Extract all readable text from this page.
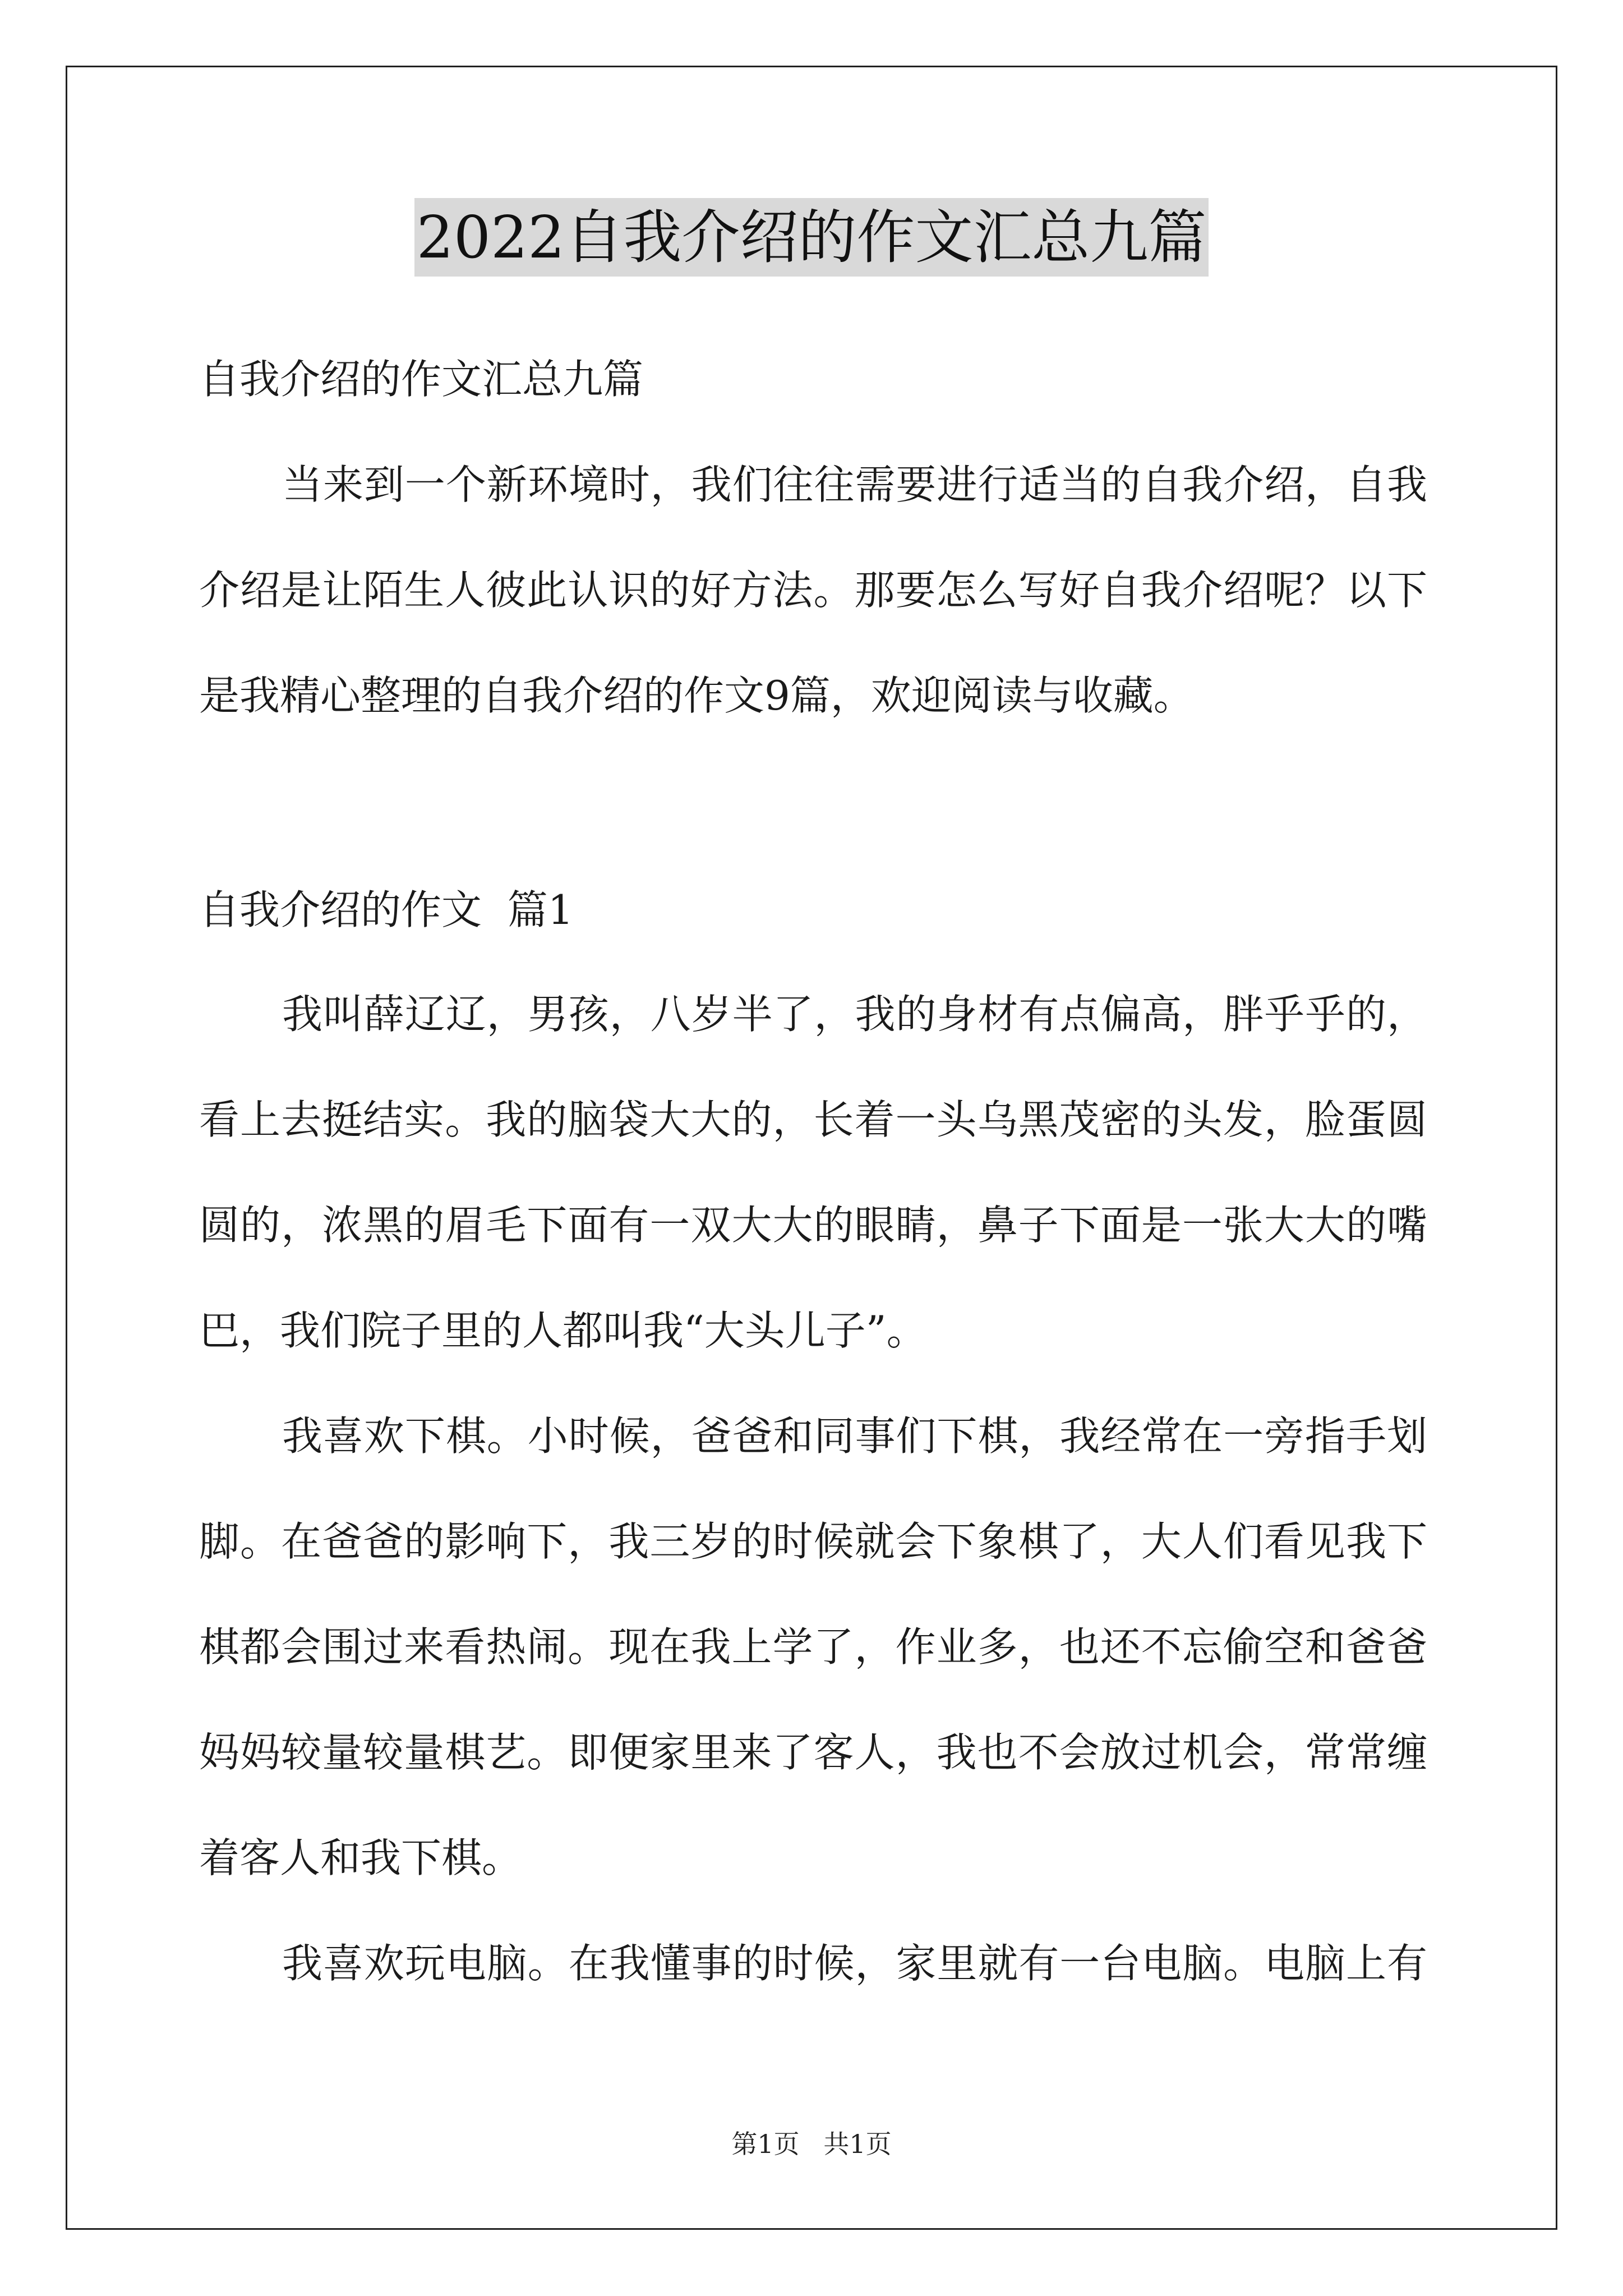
2022自我介绍的作文汇总九篇
自我介绍的作文汇总九篇
当来到一个新环境时，我们往往需要进行适当的自我介绍，自我
介绍是让陌生人彼此认识的好方法。那要怎么写好自我介绍呢？以下
是我精心整理的自我介绍的作文9篇，欢迎阅读与收藏。
自我介绍的作文  篇1
我叫薛辽辽，男孩，八岁半了，我的身材有点偏高，胖乎乎的，
看上去挺结实。我的脑袋大大的，长着一头乌黑茂密的头发，脸蛋圆
圆的，浓黑的眉毛下面有一双大大的眼睛，鼻子下面是一张大大的嘴
巴，我们院子里的人都叫我“大头儿子”。
我喜欢下棋。小时候，爸爸和同事们下棋，我经常在一旁指手划
脚。在爸爸的影响下，我三岁的时候就会下象棋了，大人们看见我下
棋都会围过来看热闹。现在我上学了，作业多，也还不忘偷空和爸爸
妈妈较量较量棋艺。即便家里来了客人，我也不会放过机会，常常缠
着客人和我下棋。
我喜欢玩电脑。在我懂事的时候，家里就有一台电脑。电脑上有
第1页 共1页
